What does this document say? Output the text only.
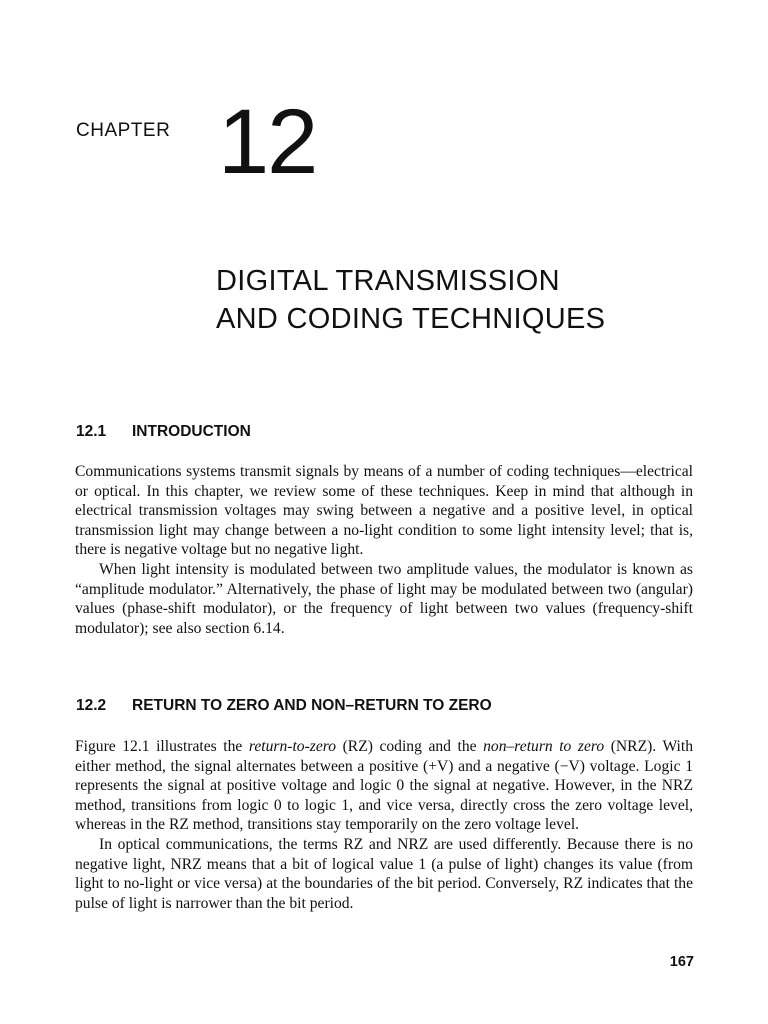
CHAPTER 12
DIGITAL TRANSMISSION
AND CODING TECHNIQUES
12.1 INTRODUCTION

Communications systems transmit signals by means of a number of coding techniques—electrical or optical. In this chapter, we review some of these techniques. Keep in mind that although in electrical transmission voltages may swing between a negative and a positive level, in optical transmission light may change between a no-light condition to some light intensity level; that is, there is negative voltage but no negative light.

When light intensity is modulated between two amplitude values, the modulator is known as “amplitude modulator.” Alternatively, the phase of light may be modulated between two (angular) values (phase-shift modulator), or the frequency of light between two values (frequency-shift modulator); see also section 6.14.

12.2 RETURN TO ZERO AND NON–RETURN TO ZERO

Figure 12.1 illustrates the return-to-zero (RZ) coding and the non–return to zero (NRZ). With either method, the signal alternates between a positive (+V) and a negative (−V) voltage. Logic 1 represents the signal at positive voltage and logic 0 the signal at negative. However, in the NRZ method, transitions from logic 0 to logic 1, and vice versa, directly cross the zero voltage level, whereas in the RZ method, transitions stay temporarily on the zero voltage level.

In optical communications, the terms RZ and NRZ are used differently. Because there is no negative light, NRZ means that a bit of logical value 1 (a pulse of light) changes its value (from light to no-light or vice versa) at the boundaries of the bit period. Conversely, RZ indicates that the pulse of light is narrower than the bit period.

167
